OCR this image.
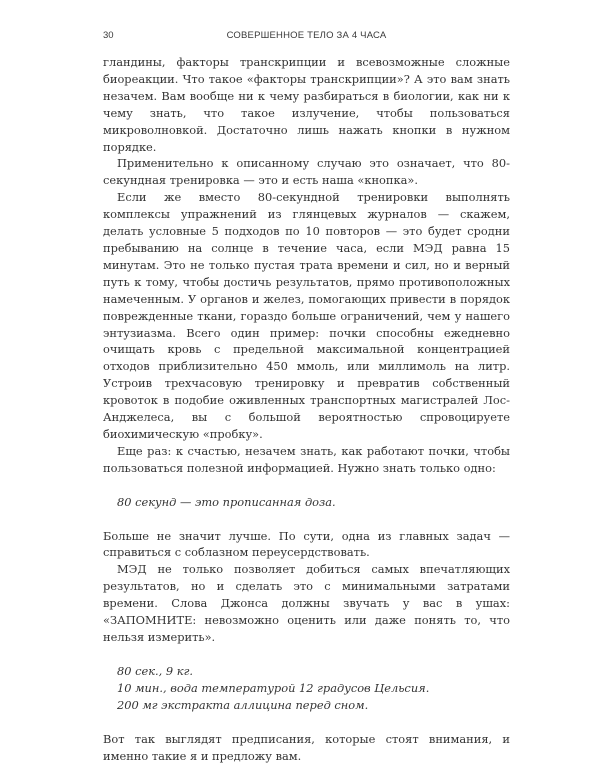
30	СОВЕРШЕННОЕ ТЕЛО ЗА 4 ЧАСА

гландины, факторы транскрипции и всевозможные сложные биореакции. Что такое «факторы транскрипции»? А это вам знать незачем. Вам вообще ни к чему разбираться в биологии, как ни к чему знать, что такое излучение, чтобы пользоваться микроволновкой. Достаточно лишь нажать кнопки в нужном порядке.

Применительно к описанному случаю это означает, что 80-секундная тренировка — это и есть наша «кнопка».

Если же вместо 80-секундной тренировки выполнять комплексы упражнений из глянцевых журналов — скажем, делать условные 5 подходов по 10 повторов — это будет сродни пребыванию на солнце в течение часа, если МЭД равна 15 минутам. Это не только пустая трата времени и сил, но и верный путь к тому, чтобы достичь результатов, прямо противоположных намеченным. У органов и желез, помогающих привести в порядок поврежденные ткани, гораздо больше ограничений, чем у нашего энтузиазма. Всего один пример: почки способны ежедневно очищать кровь с предельной максимальной концентрацией отходов приблизительно 450 ммоль, или миллимоль на литр. Устроив трехчасовую тренировку и превратив собственный кровоток в подобие оживленных транспортных магистралей Лос-Анджелеса, вы с большой вероятностью спровоцируете биохимическую «пробку».

Еще раз: к счастью, незачем знать, как работают почки, чтобы пользоваться полезной информацией. Нужно знать только одно:

80 секунд — это прописанная доза.

Больше не значит лучше. По сути, одна из главных задач — справиться с соблазном переусердствовать.

МЭД не только позволяет добиться самых впечатляющих результатов, но и сделать это с минимальными затратами времени. Слова Джонса должны звучать у вас в ушах: «ЗАПОМНИТЕ: невозможно оценить или даже понять то, что нельзя измерить».

80 сек., 9 кг.

10 мин., вода температурой 12 градусов Цельсия.

200 мг экстракта аллицина перед сном.

Вот так выглядят предписания, которые стоят внимания, и именно такие я и предложу вам.
